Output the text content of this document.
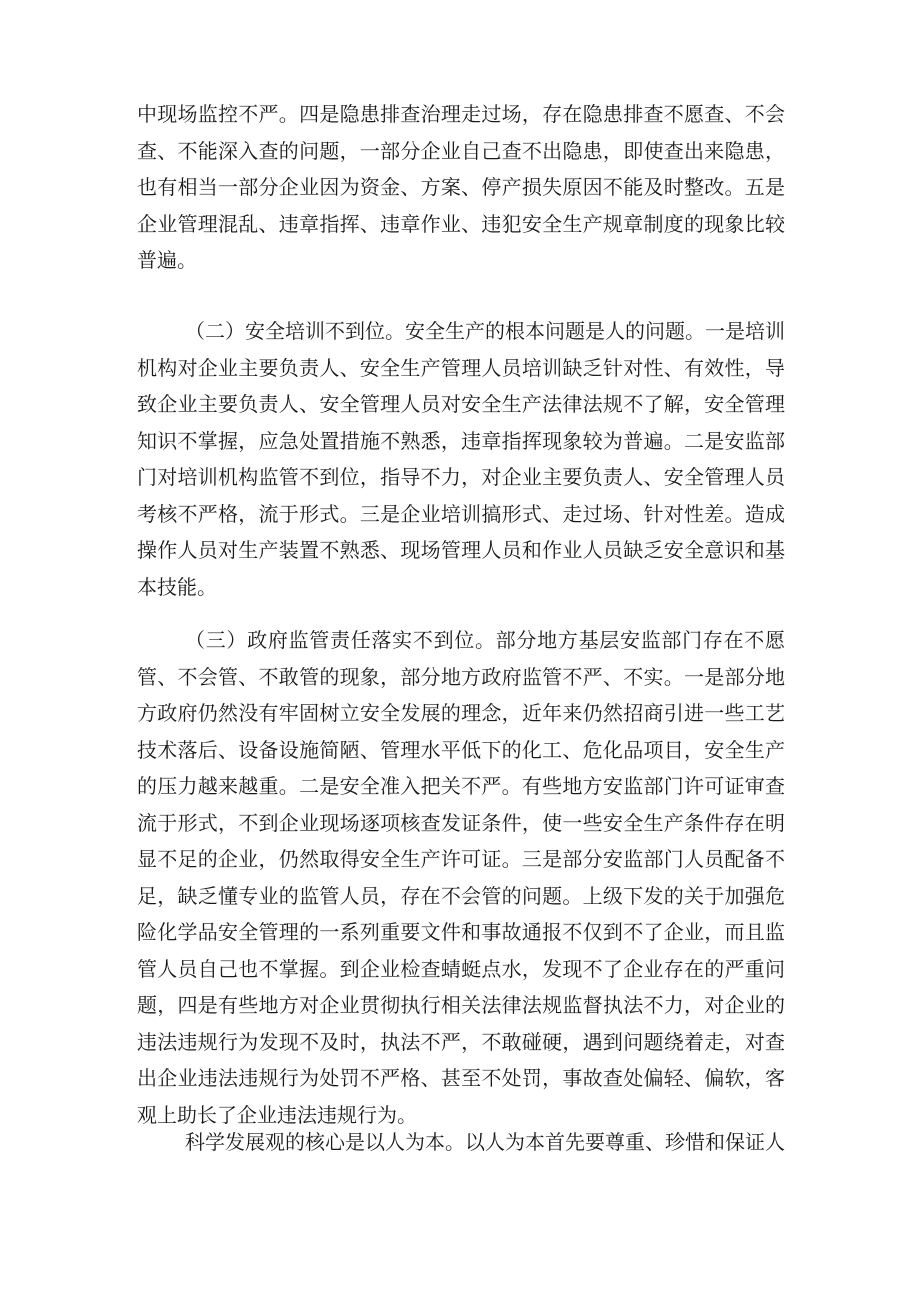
中现场监控不严。四是隐患排查治理走过场，存在隐患排查不愿查、不会查、不能深入查的问题，一部分企业自己查不出隐患，即使查出来隐患，也有相当一部分企业因为资金、方案、停产损失原因不能及时整改。五是企业管理混乱、违章指挥、违章作业、违犯安全生产规章制度的现象比较普遍。

（二）安全培训不到位。安全生产的根本问题是人的问题。一是培训机构对企业主要负责人、安全生产管理人员培训缺乏针对性、有效性，导致企业主要负责人、安全管理人员对安全生产法律法规不了解，安全管理知识不掌握，应急处置措施不熟悉，违章指挥现象较为普遍。二是安监部门对培训机构监管不到位，指导不力，对企业主要负责人、安全管理人员考核不严格，流于形式。三是企业培训搞形式、走过场、针对性差。造成操作人员对生产装置不熟悉、现场管理人员和作业人员缺乏安全意识和基本技能。

（三）政府监管责任落实不到位。部分地方基层安监部门存在不愿管、不会管、不敢管的现象，部分地方政府监管不严、不实。一是部分地方政府仍然没有牢固树立安全发展的理念，近年来仍然招商引进一些工艺技术落后、设备设施简陋、管理水平低下的化工、危化品项目，安全生产的压力越来越重。二是安全准入把关不严。有些地方安监部门许可证审查流于形式，不到企业现场逐项核查发证条件，使一些安全生产条件存在明显不足的企业，仍然取得安全生产许可证。三是部分安监部门人员配备不足，缺乏懂专业的监管人员，存在不会管的问题。上级下发的关于加强危险化学品安全管理的一系列重要文件和事故通报不仅到不了企业，而且监管人员自己也不掌握。到企业检查蜻蜓点水，发现不了企业存在的严重问题，四是有些地方对企业贯彻执行相关法律法规监督执法不力，对企业的违法违规行为发现不及时，执法不严，不敢碰硬，遇到问题绕着走，对查出企业违法违规行为处罚不严格、甚至不处罚，事故查处偏轻、偏软，客观上助长了企业违法违规行为。

科学发展观的核心是以人为本。以人为本首先要尊重、珍惜和保证人
